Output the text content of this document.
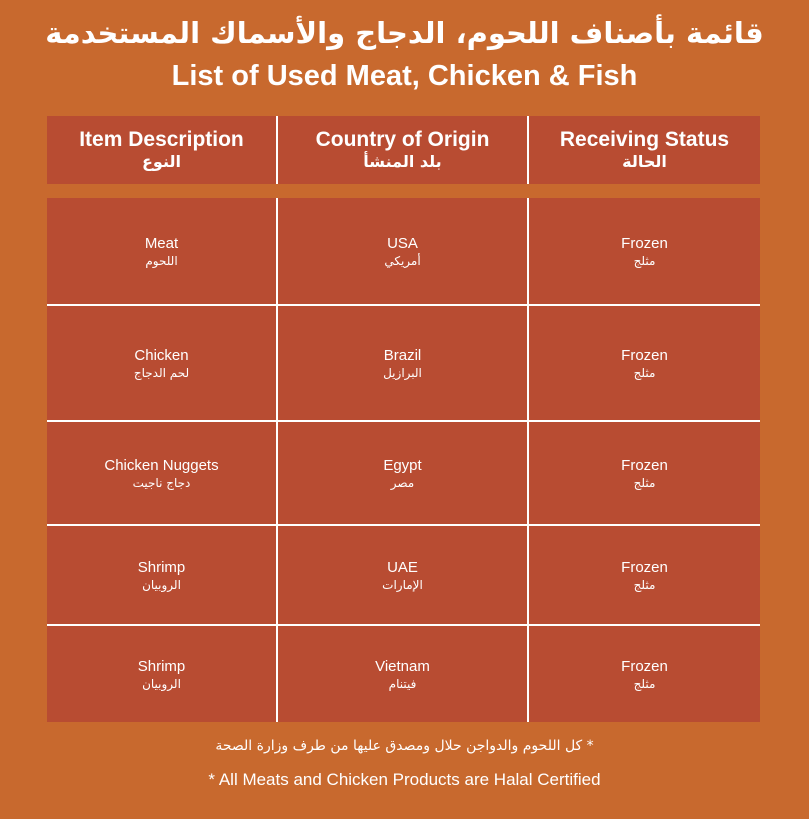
قائمة بأصناف اللحوم، الدجاج والأسماك المستخدمة
List of Used Meat, Chicken & Fish
Item Description
النوع
Country of Origin
بلد المنشأ
Receiving Status
الحالة
Meat
اللحوم
USA
أمريكي
Frozen
مثلج
Chicken
لحم الدجاج
Brazil
البرازيل
Frozen
مثلج
Chicken Nuggets
دجاج ناجيت
Egypt
مصر
Frozen
مثلج
Shrimp
الروبيان
UAE
الإمارات
Frozen
مثلج
Shrimp
الروبيان
Vietnam
فيتنام
Frozen
مثلج
* كل اللحوم والدواجن حلال ومصدق عليها من طرف وزارة الصحة
* All Meats and Chicken Products are Halal Certified
